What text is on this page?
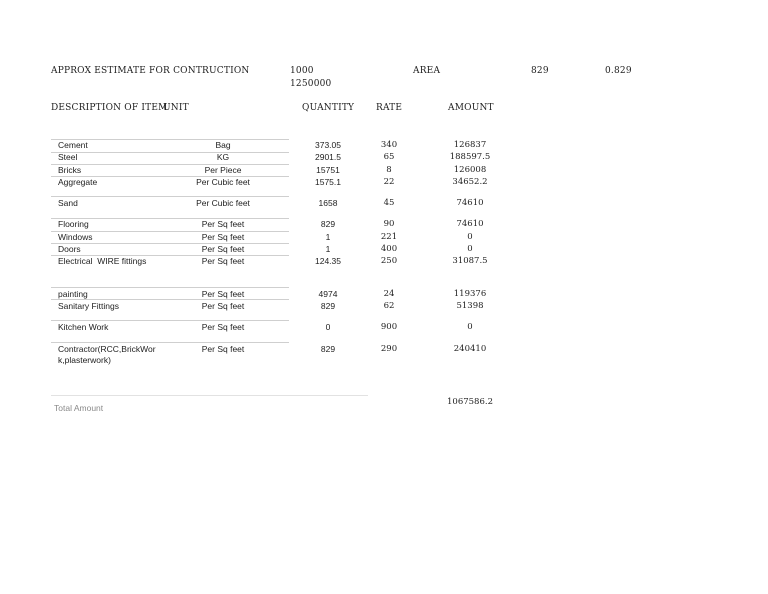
APPROX ESTIMATE FOR CONTRUCTION	1000
1250000
AREA	829	0.829
DESCRIPTION OF ITEM
UNIT	QUANTITY RATE	AMOUNT
Cement	Bag	373.05	340	126837
Steel	KG	2901.5	65	188597.5
Bricks	Per Piece	15751	8	126008
Aggregate	Per Cubic feet	1575.1	22	34652.2
Sand	Per Cubic feet	1658	45	74610
Flooring	Per Sq feet	829	90	74610
Windows	Per Sq feet	1	221	0
Doors	Per Sq feet	1	400	0
Electrical  WIRE fittings	Per Sq feet	124.35	250	31087.5
painting	Per Sq feet	4974	24	119376
Sanitary Fittings	Per Sq feet	829	62	51398
Kitchen Work	Per Sq feet	0	900	0
Contractor(RCC,BrickWor
k,plasterwork)
Per Sq feet	829	290	240410
Total Amount
1067586.2
